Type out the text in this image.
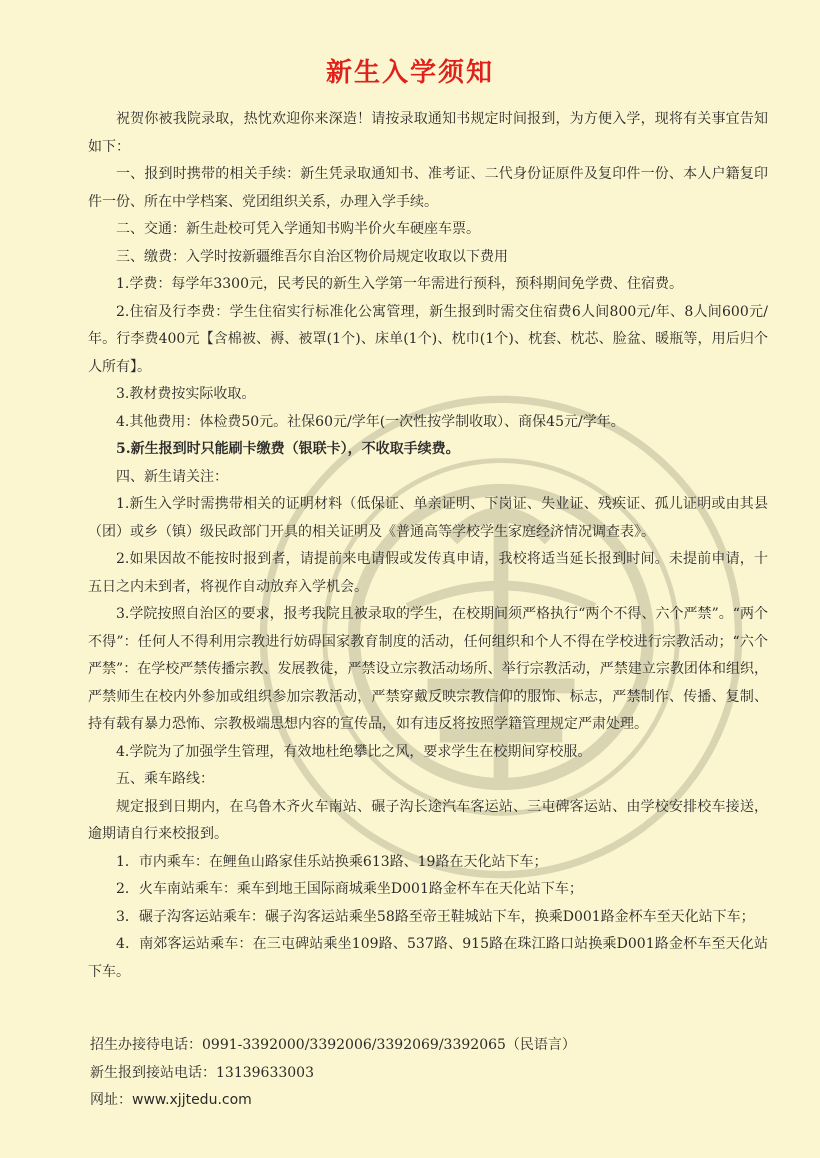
新生入学须知

祝贺你被我院录取，热忱欢迎你来深造！请按录取通知书规定时间报到，为方便入学，现将有关事宜告知如下：

一、报到时携带的相关手续：新生凭录取通知书、准考证、二代身份证原件及复印件一份、本人户籍复印件一份、所在中学档案、党团组织关系，办理入学手续。

二、交通：新生赴校可凭入学通知书购半价火车硬座车票。

三、缴费：入学时按新疆维吾尔自治区物价局规定收取以下费用

1.学费：每学年3300元，民考民的新生入学第一年需进行预科，预科期间免学费、住宿费。

2.住宿及行李费：学生住宿实行标准化公寓管理，新生报到时需交住宿费6人间800元/年、8人间600元/年。行李费400元【含棉被、褥、被罩(1个)、床单(1个)、枕巾(1个)、枕套、枕芯、脸盆、暖瓶等，用后归个人所有】。

3.教材费按实际收取。

4.其他费用：体检费50元。社保60元/学年(一次性按学制收取）、商保45元/学年。

5.新生报到时只能刷卡缴费（银联卡），不收取手续费。

四、新生请关注：

1.新生入学时需携带相关的证明材料（低保证、单亲证明、下岗证、失业证、残疾证、孤儿证明或由其县（团）或乡（镇）级民政部门开具的相关证明及《普通高等学校学生家庭经济情况调查表》。

2.如果因故不能按时报到者，请提前来电请假或发传真申请，我校将适当延长报到时间。未提前申请，十五日之内未到者，将视作自动放弃入学机会。

3.学院按照自治区的要求，报考我院且被录取的学生，在校期间须严格执行“两个不得、六个严禁”。“两个不得”：任何人不得利用宗教进行妨碍国家教育制度的活动，任何组织和个人不得在学校进行宗教活动；“六个严禁”：在学校严禁传播宗教、发展教徒，严禁设立宗教活动场所、举行宗教活动，严禁建立宗教团体和组织，严禁师生在校内外参加或组织参加宗教活动，严禁穿戴反映宗教信仰的服饰、标志，严禁制作、传播、复制、持有载有暴力恐怖、宗教极端思想内容的宣传品，如有违反将按照学籍管理规定严肃处理。

4.学院为了加强学生管理，有效地杜绝攀比之风，要求学生在校期间穿校服。

五、乘车路线：

规定报到日期内，在乌鲁木齐火车南站、碾子沟长途汽车客运站、三屯碑客运站、由学校安排校车接送，逾期请自行来校报到。

1．市内乘车：在鲤鱼山路家佳乐站换乘613路、19路在天化站下车；

2．火车南站乘车：乘车到地王国际商城乘坐D001路金杯车在天化站下车；

3．碾子沟客运站乘车：碾子沟客运站乘坐58路至帝王鞋城站下车，换乘D001路金杯车至天化站下车；

4．南郊客运站乘车：在三屯碑站乘坐109路、537路、915路在珠江路口站换乘D001路金杯车至天化站下车。

招生办接待电话：0991-3392000/3392006/3392069/3392065（民语言）

新生报到接站电话：13139633003

网址：www.xjjtedu.com
